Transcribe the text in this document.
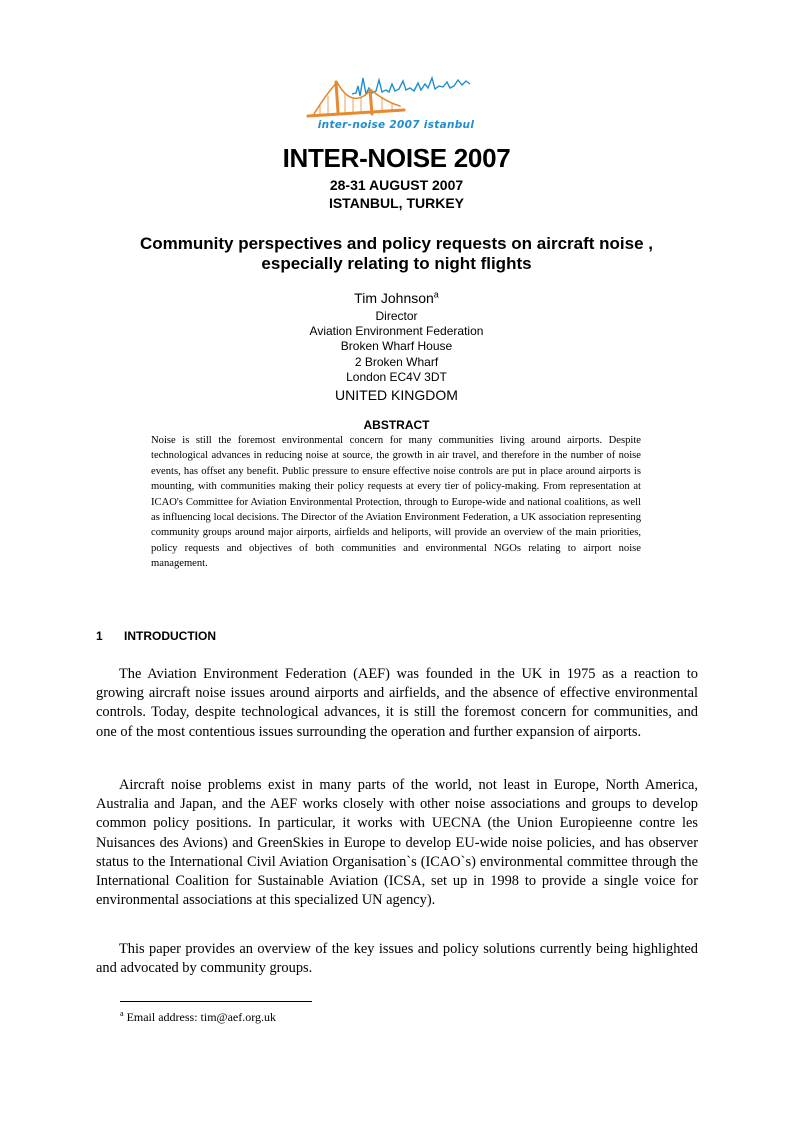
inter-noise 2007 istanbul
INTER-NOISE 2007
28-31 AUGUST 2007
ISTANBUL, TURKEY
Community perspectives and policy requests on aircraft noise ,
especially relating to night flights
Tim Johnson$^a$
Director
Aviation Environment Federation
Broken Wharf House
2 Broken Wharf
London EC4V 3DT
UNITED KINGDOM
ABSTRACT
Noise is still the foremost environmental concern for many communities living around airports. Despite technological advances in reducing noise at source, the growth in air travel, and therefore in the number of noise events, has offset any benefit. Public pressure to ensure effective noise controls are put in place around airports is mounting, with communities making their policy requests at every tier of policy-making. From representation at ICAO's Committee for Aviation Environmental Protection, through to Europe-wide and national coalitions, as well as influencing local decisions. The Director of the Aviation Environment Federation, a UK association representing community groups around major airports, airfields and heliports, will provide an overview of the main priorities, policy requests and objectives of both communities and environmental NGOs relating to airport noise management.
1 INTRODUCTION

The Aviation Environment Federation (AEF) was founded in the UK in 1975 as a reaction to growing aircraft noise issues around airports and airfields, and the absence of effective environmental controls. Today, despite technological advances, it is still the foremost concern for communities, and one of the most contentious issues surrounding the operation and further expansion of airports.

Aircraft noise problems exist in many parts of the world, not least in Europe, North America, Australia and Japan, and the AEF works closely with other noise associations and groups to develop common policy positions. In particular, it works with UECNA (the Union Europieenne contre les Nuisances des Avions) and GreenSkies in Europe to develop EU-wide noise policies, and has observer status to the International Civil Aviation Organisation`s (ICAO`s) environmental committee through the International Coalition for Sustainable Aviation (ICSA, set up in 1998 to provide a single voice for environmental associations at this specialized UN agency).

This paper provides an overview of the key issues and policy solutions currently being highlighted and advocated by community groups.

$^a$ Email address: tim@aef.org.uk
